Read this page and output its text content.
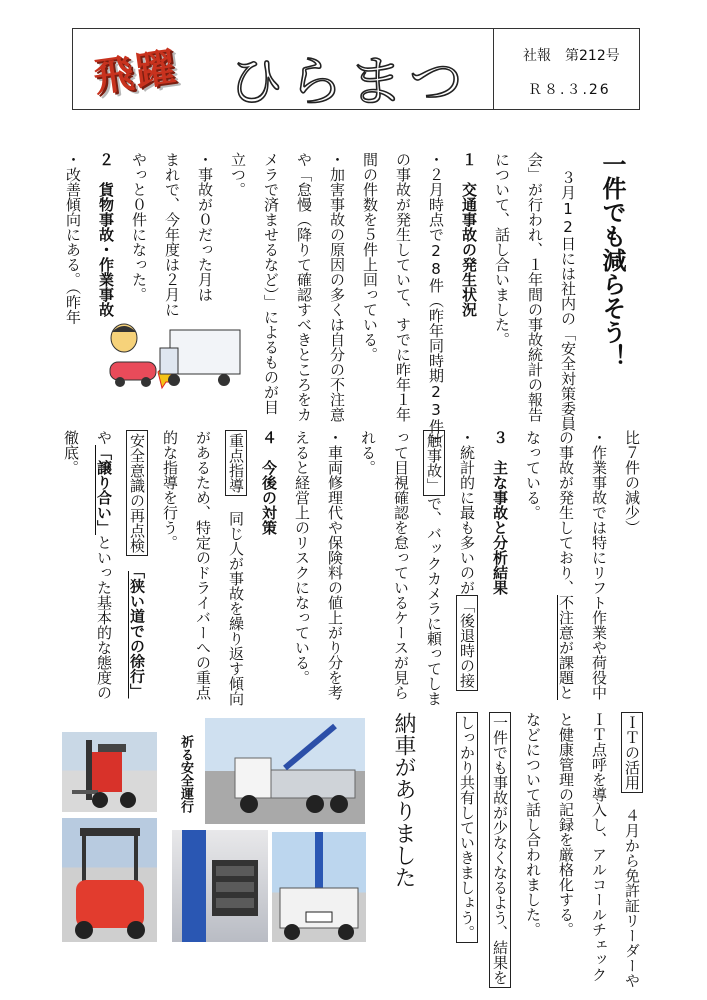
飛躍 ひらまつ	社報　第212号
Ｒ８.３.26
一件でも減らそう！
３月12日には社内の「安全対策委員
会」が行われ、１年間の事故統計の報告
について、話し合いました。
１　交通事故の発生状況
・２月時点で28件（昨年同時期23件）
の事故が発生していて、すでに昨年１年
間の件数を５件上回っている。
・加害事故の原因の多くは自分の不注意
や「怠慢（降りて確認すべきところをカ
メラで済ませるなど）」によるものが目
立つ。
・事故が０だった月は
まれで、今年度は２月に
やっと０件になった。
２　貨物事故・作業事故
・改善傾向にある。（昨年
比７件の減少）
・作業事故では特にリフト作業や荷役中
の事故が発生しており、不注意が課題と
なっている。
３　主な事故と分析結果
・統計的に最も多いのが「後退時の接
触事故」で、バックカメラに頼ってしま
って目視確認を怠っているケースが見ら
れる。
・車両修理代や保険料の値上がり分を考
えると経営上のリスクになっている。
４　今後の対策
重点指導　同じ人が事故を繰り返す傾向
があるため、特定のドライバーへの重点
的な指導を行う。
安全意識の再点検　「狭い道での徐行」
や「譲り合い」といった基本的な態度の
徹底。
ＩＴの活用　４月から免許証リーダーや
ＩＴ点呼を導入し、アルコールチェック
と健康管理の記録を厳格化する。
などについて話し合われました。
一件でも事故が少なくなるよう、結果を
しっかり共有していきましょう。
納車がありました
祈る安全運行
